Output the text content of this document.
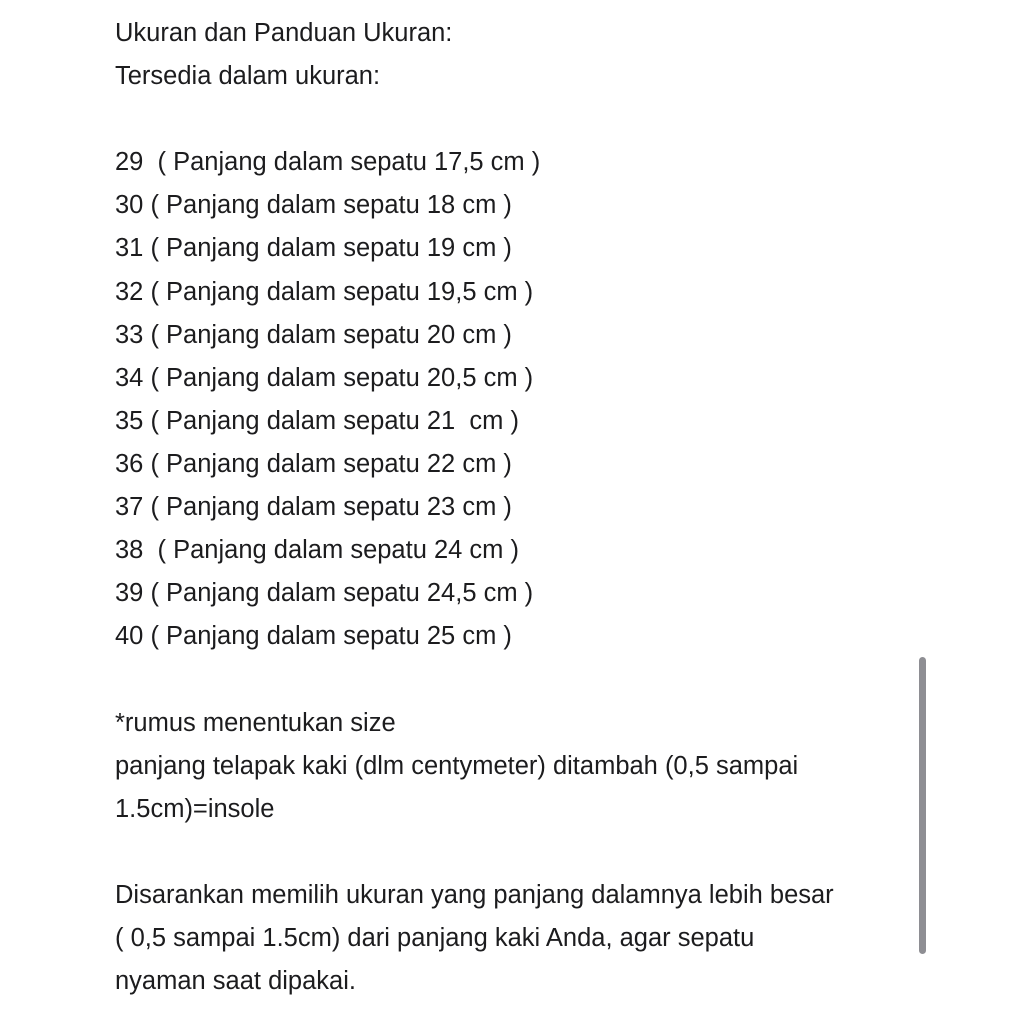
Ukuran dan Panduan Ukuran:

Tersedia dalam ukuran:

29  ( Panjang dalam sepatu 17,5 cm )

30 ( Panjang dalam sepatu 18 cm )

31 ( Panjang dalam sepatu 19 cm )

32 ( Panjang dalam sepatu 19,5 cm )

33 ( Panjang dalam sepatu 20 cm )

34 ( Panjang dalam sepatu 20,5 cm )

35 ( Panjang dalam sepatu 21  cm )

36 ( Panjang dalam sepatu 22 cm )

37 ( Panjang dalam sepatu 23 cm )

38  ( Panjang dalam sepatu 24 cm )

39 ( Panjang dalam sepatu 24,5 cm )

40 ( Panjang dalam sepatu 25 cm )

*rumus menentukan size

panjang telapak kaki (dlm centymeter) ditambah (0,5 sampai

1.5cm)=insole

Disarankan memilih ukuran yang panjang dalamnya lebih besar

( 0,5 sampai 1.5cm) dari panjang kaki Anda, agar sepatu

nyaman saat dipakai.
